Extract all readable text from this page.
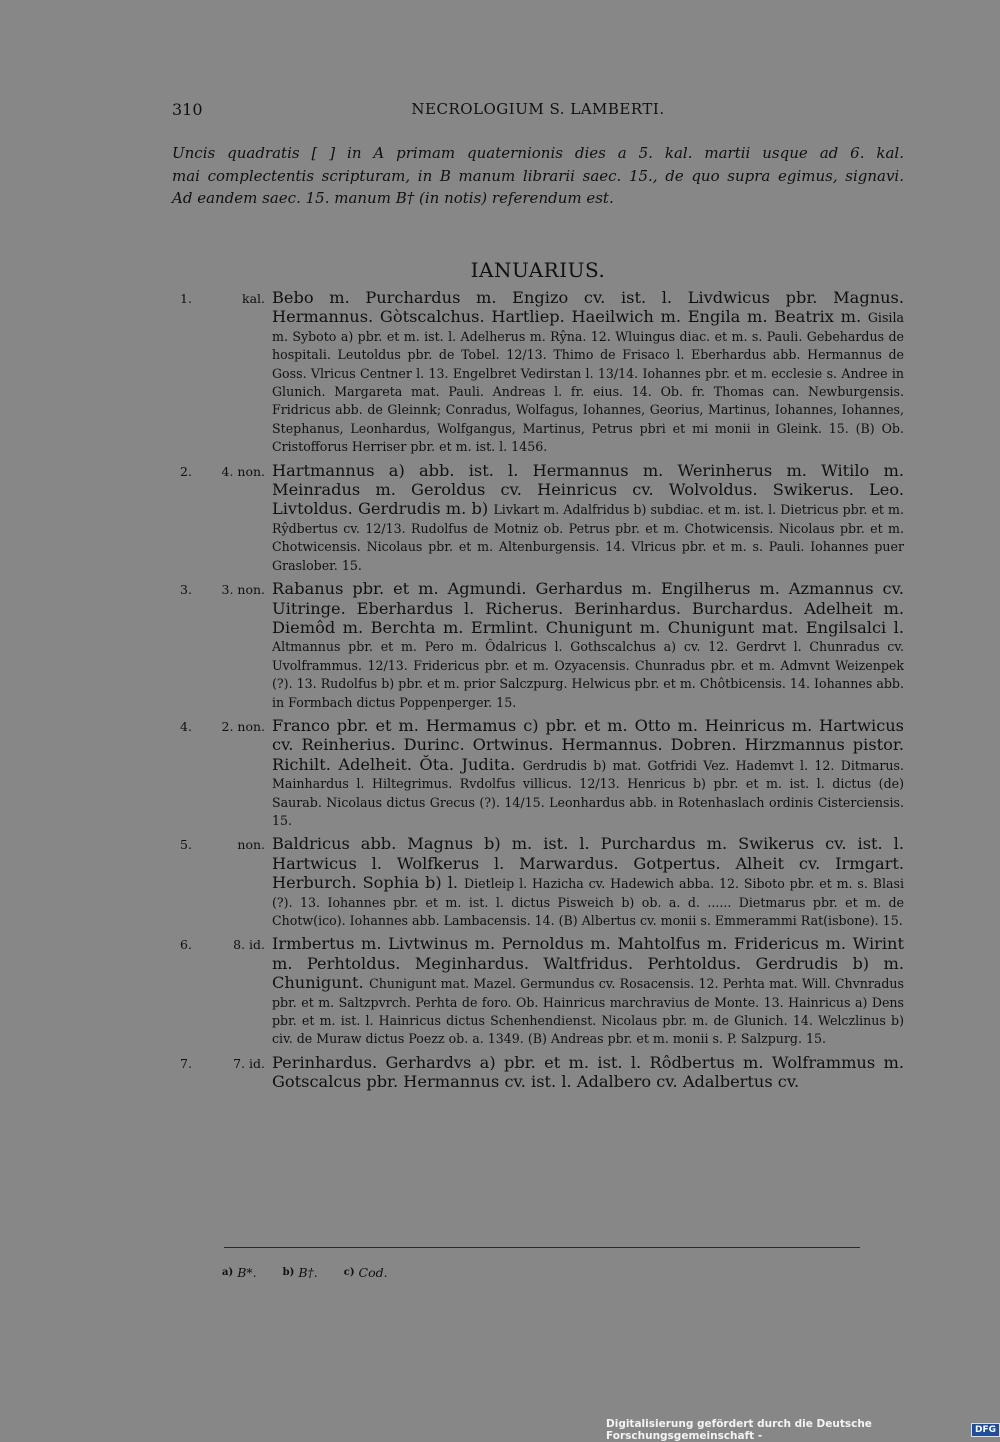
310	NECROLOGIUM S. LAMBERTI.
Uncis quadratis [ ] in A primam quaternionis dies a 5. kal. martii usque ad 6. kal.
mai complectentis scripturam, in B manum librarii saec. 15., de quo supra egimus, signavi.
Ad eandem saec. 15. manum B† (in notis) referendum est.
IANUARIUS.
1.	kal. Bebo m. Purchardus m. Engizo cv. ist. l. Livdwicus pbr. Magnus. Hermannus. Gòtscalchus. Hartliep. Haeilwich m. Engila m. Beatrix m. Gisila m. Syboto a) pbr. et m. ist. l. Adelherus m. Rŷna. 12. Wluingus diac. et m. s. Pauli. Gebehardus de hospitali. Leutoldus pbr. de Tobel. 12/13. Thimo de Frisaco l. Eberhardus abb. Hermannus de Goss. Vlricus Centner l. 13. Engelbret Vedirstan l. 13/14. Iohannes pbr. et m. ecclesie s. Andree in Glunich. Margareta mat. Pauli. Andreas l. fr. eius. 14. Ob. fr. Thomas can. Newburgensis. Fridricus abb. de Gleinnk; Conradus, Wolfagus, Iohannes, Georius, Martinus, Iohannes, Iohannes, Stephanus, Leonhardus, Wolfgangus, Martinus, Petrus pbri et mi monii in Gleink. 15. (B) Ob. Cristofforus Herriser pbr. et m. ist. l. 1456.
2.	4. non. Hartmannus a) abb. ist. l. Hermannus m. Werinherus m. Witilo m. Meinradus m. Geroldus cv. Heinricus cv. Wolvoldus. Swikerus. Leo. Livtoldus. Gerdrudis m. b) Livkart m. Adalfridus b) subdiac. et m. ist. l. Dietricus pbr. et m. Rŷdbertus cv. 12/13. Rudolfus de Motniz ob. Petrus pbr. et m. Chotwicensis. Nicolaus pbr. et m. Chotwicensis. Nicolaus pbr. et m. Altenburgensis. 14. Vlricus pbr. et m. s. Pauli. Iohannes puer Graslober. 15.
3.	3. non. Rabanus pbr. et m. Agmundi. Gerhardus m. Engilherus m. Azmannus cv. Uitringe. Eberhardus l. Richerus. Berinhardus. Burchardus. Adelheit m. Diemôd m. Berchta m. Ermlint. Chunigunt m. Chunigunt mat. Engilsalci l. Altmannus pbr. et m. Pero m. Ôdalricus l. Gothscalchus a) cv. 12. Gerdrvt l. Chunradus cv. Uvolframmus. 12/13. Fridericus pbr. et m. Ozyacensis. Chunradus pbr. et m. Admvnt Weizenpek (?). 13. Rudolfus b) pbr. et m. prior Salczpurg. Helwicus pbr. et m. Chôtbicensis. 14. Iohannes abb. in Formbach dictus Poppenperger. 15.
4.	2. non. Franco pbr. et m. Hermamus c) pbr. et m. Otto m. Heinricus m. Hartwicus cv. Reinherius. Durinc. Ortwinus. Hermannus. Dobren. Hirzmannus pistor. Richilt. Adelheit. Ŏta. Judita. Gerdrudis b) mat. Gotfridi Vez. Hademvt l. 12. Ditmarus. Mainhardus l. Hiltegrimus. Rvdolfus villicus. 12/13. Henricus b) pbr. et m. ist. l. dictus (de) Saurab. Nicolaus dictus Grecus (?). 14/15. Leonhardus abb. in Rotenhaslach ordinis Cisterciensis. 15.
5.	non. Baldricus abb. Magnus b) m. ist. l. Purchardus m. Swikerus cv. ist. l. Hartwicus l. Wolfkerus l. Marwardus. Gotpertus. Alheit cv. Irmgart. Herburch. Sophia b) l. Dietleip l. Hazicha cv. Hadewich abba. 12. Siboto pbr. et m. s. Blasi (?). 13. Iohannes pbr. et m. ist. l. dictus Pisweich b) ob. a. d. ...... Dietmarus pbr. et m. de Chotw(ico). Iohannes abb. Lambacensis. 14. (B) Albertus cv. monii s. Emmerammi Rat(isbone). 15.
6.	8. id. Irmbertus m. Livtwinus m. Pernoldus m. Mahtolfus m. Fridericus m. Wirint m. Perhtoldus. Meginhardus. Waltfridus. Perhtoldus. Gerdrudis b) m. Chunigunt. Chunigunt mat. Mazel. Germundus cv. Rosacensis. 12. Perhta mat. Will. Chvnradus pbr. et m. Saltzpvrch. Perhta de foro. Ob. Hainricus marchravius de Monte. 13. Hainricus a) Dens pbr. et m. ist. l. Hainricus dictus Schenhendienst. Nicolaus pbr. m. de Glunich. 14. Welczlinus b) civ. de Muraw dictus Poezz ob. a. 1349. (B) Andreas pbr. et m. monii s. P. Salzpurg. 15.
7.	7. id. Perinhardus. Gerhardvs a) pbr. et m. ist. l. Rôdbertus m. Wolframmus m. Gotscalcus pbr. Hermannus cv. ist. l. Adalbero cv. Adalbertus cv.
$^{a)}$ B*.	$^{b)}$ B†.	$^{c)}$ Cod.
Digitalisierung gefördert durch die Deutsche Forschungsgemeinschaft -	DFG
